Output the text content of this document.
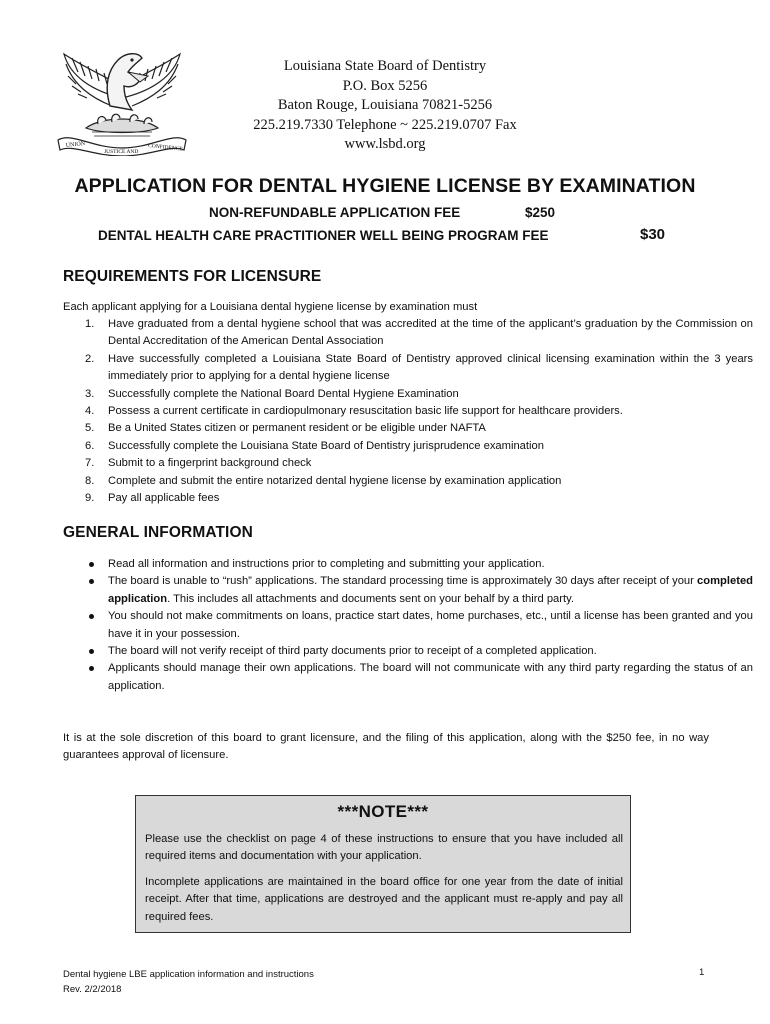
UNION
JUSTICE AND CONFIDENCE
Louisiana State Board of Dentistry
P.O. Box 5256
Baton Rouge, Louisiana 70821-5256
225.219.7330 Telephone ~ 225.219.0707 Fax
www.lsbd.org
APPLICATION FOR DENTAL HYGIENE LICENSE BY EXAMINATION
NON-REFUNDABLE APPLICATION FEE	$250
DENTAL HEALTH CARE PRACTITIONER WELL BEING PROGRAM FEE	$30
REQUIREMENTS FOR LICENSURE
Each applicant applying for a Louisiana dental hygiene license by examination must
1. Have graduated from a dental hygiene school that was accredited at the time of the applicant’s graduation by the Commission on Dental Accreditation of the American Dental Association
2. Have successfully completed a Louisiana State Board of Dentistry approved clinical licensing examination within the 3 years immediately prior to applying for a dental hygiene license
3. Successfully complete the National Board Dental Hygiene Examination
4. Possess a current certificate in cardiopulmonary resuscitation basic life support for healthcare providers.
5. Be a United States citizen or permanent resident or be eligible under NAFTA
6. Successfully complete the Louisiana State Board of Dentistry jurisprudence examination
7. Submit to a fingerprint background check
8. Complete and submit the entire notarized dental hygiene license by examination application
9. Pay all applicable fees
GENERAL INFORMATION
Read all information and instructions prior to completing and submitting your application.
The board is unable to “rush” applications. The standard processing time is approximately 30 days after receipt of your completed application. This includes all attachments and documents sent on your behalf by a third party.
You should not make commitments on loans, practice start dates, home purchases, etc., until a license has been granted and you have it in your possession.
The board will not verify receipt of third party documents prior to receipt of a completed application.
Applicants should manage their own applications. The board will not communicate with any third party regarding the status of an application.
It is at the sole discretion of this board to grant licensure, and the filing of this application, along with the $250 fee, in no way guarantees approval of licensure.
***NOTE***
Please use the checklist on page 4 of these instructions to ensure that you have included all required items and documentation with your application.
Incomplete applications are maintained in the board office for one year from the date of initial receipt. After that time, applications are destroyed and the applicant must re-apply and pay all required fees.
Dental hygiene LBE application information and instructions
Rev. 2/2/2018
1
